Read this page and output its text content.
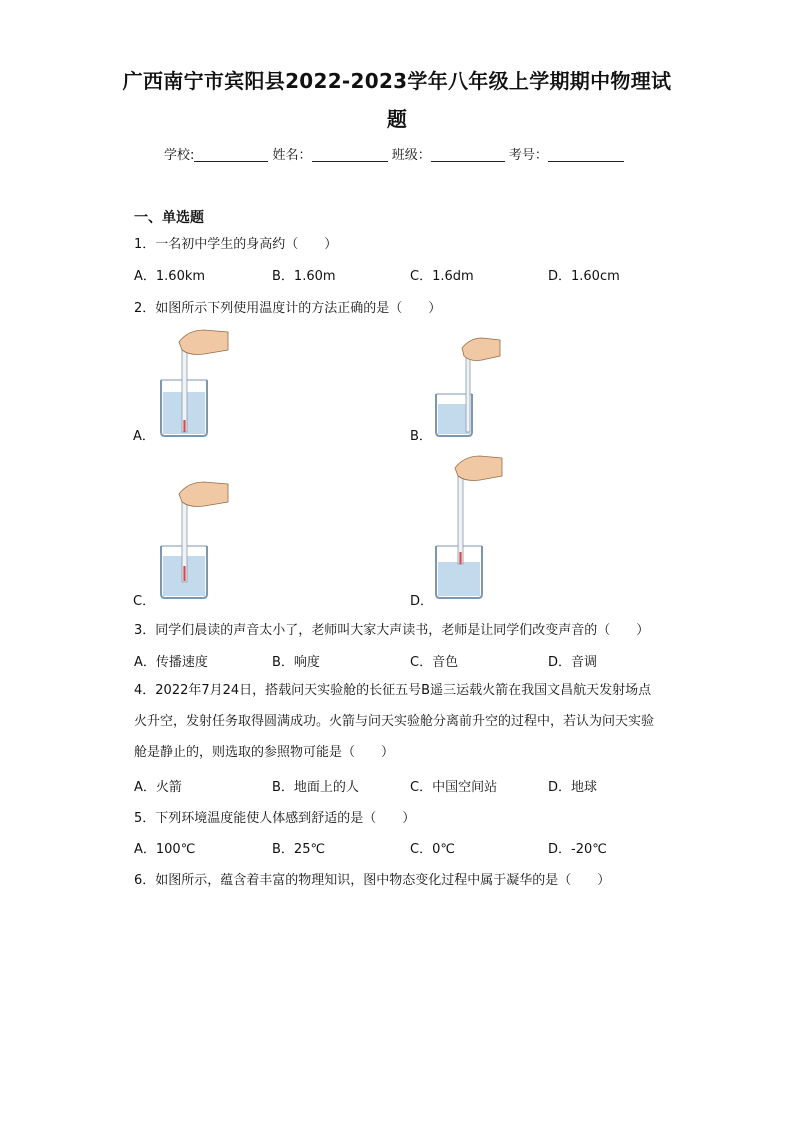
广西南宁市宾阳县2022-2023学年八年级上学期期中物理试
题
学校:	姓名：	班级：	考号：
一、单选题
1．一名初中学生的身高约（　　）
A．1.60km	B．1.60m	C．1.6dm	D．1.60cm
2．如图所示下列使用温度计的方法正确的是（　　）
A．	B．
C．	D．
3．同学们晨读的声音太小了，老师叫大家大声读书，老师是让同学们改变声音的（　　）
A．传播速度	B．响度	C．音色	D．音调
4．2022年7月24日，搭载问天实验舱的长征五号B遥三运载火箭在我国文昌航天发射场点火升空，发射任务取得圆满成功。火箭与问天实验舱分离前升空的过程中，若认为问天实验舱是静止的，则选取的参照物可能是（　　）
A．火箭	B．地面上的人	C．中国空间站	D．地球
5．下列环境温度能使人体感到舒适的是（　　）
A．100℃	B．25℃	C．0℃	D．-20℃
6．如图所示，蕴含着丰富的物理知识，图中物态变化过程中属于凝华的是（　　）
